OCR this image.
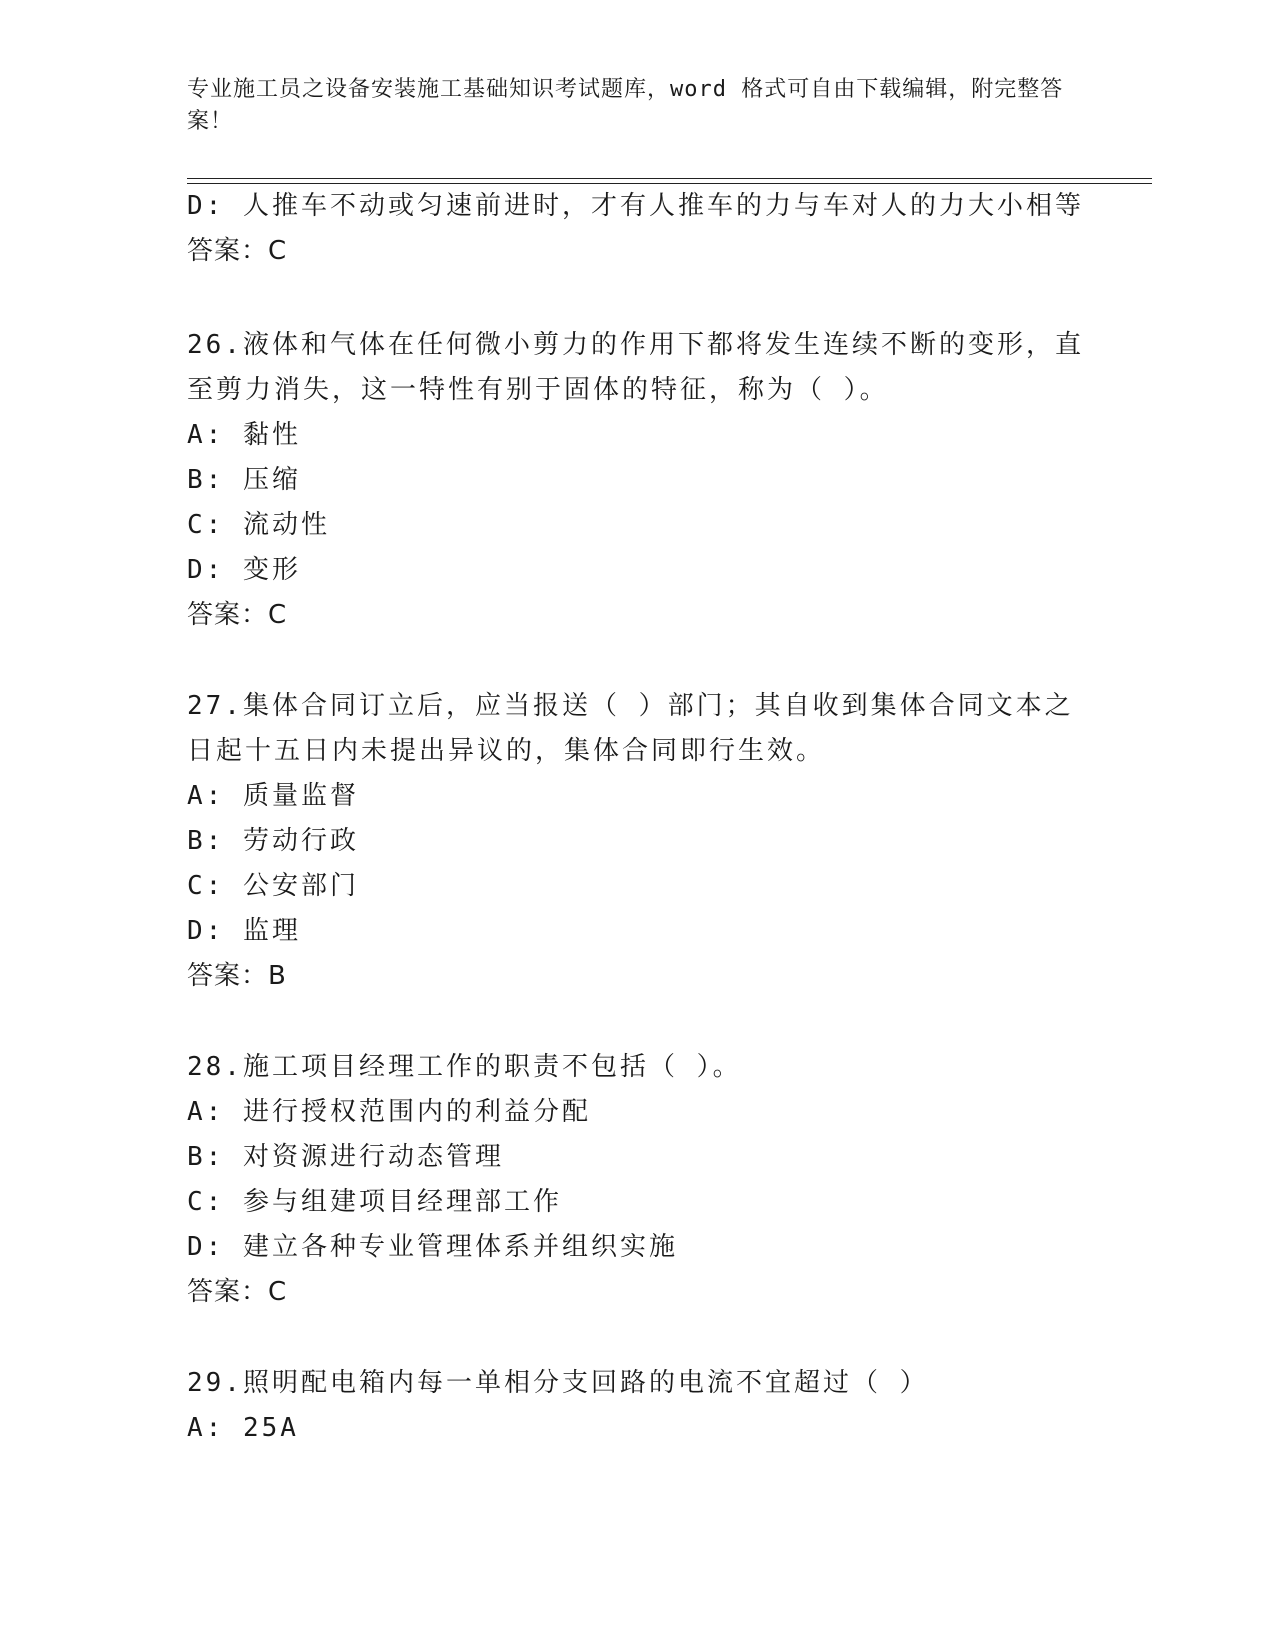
专业施工员之设备安装施工基础知识考试题库，word 格式可自由下载编辑，附完整答案！
D: 人推车不动或匀速前进时，才有人推车的力与车对人的力大小相等
答案：C
26.液体和气体在任何微小剪力的作用下都将发生连续不断的变形，直
至剪力消失，这一特性有别于固体的特征，称为（ ）。
A: 黏性
B: 压缩
C: 流动性
D: 变形
答案：C
27.集体合同订立后，应当报送（ ）部门；其自收到集体合同文本之
日起十五日内未提出异议的，集体合同即行生效。
A: 质量监督
B: 劳动行政
C: 公安部门
D: 监理
答案：B
28.施工项目经理工作的职责不包括（ ）。
A: 进行授权范围内的利益分配
B: 对资源进行动态管理
C: 参与组建项目经理部工作
D: 建立各种专业管理体系并组织实施
答案：C
29.照明配电箱内每一单相分支回路的电流不宜超过（ ）
A: 25A
